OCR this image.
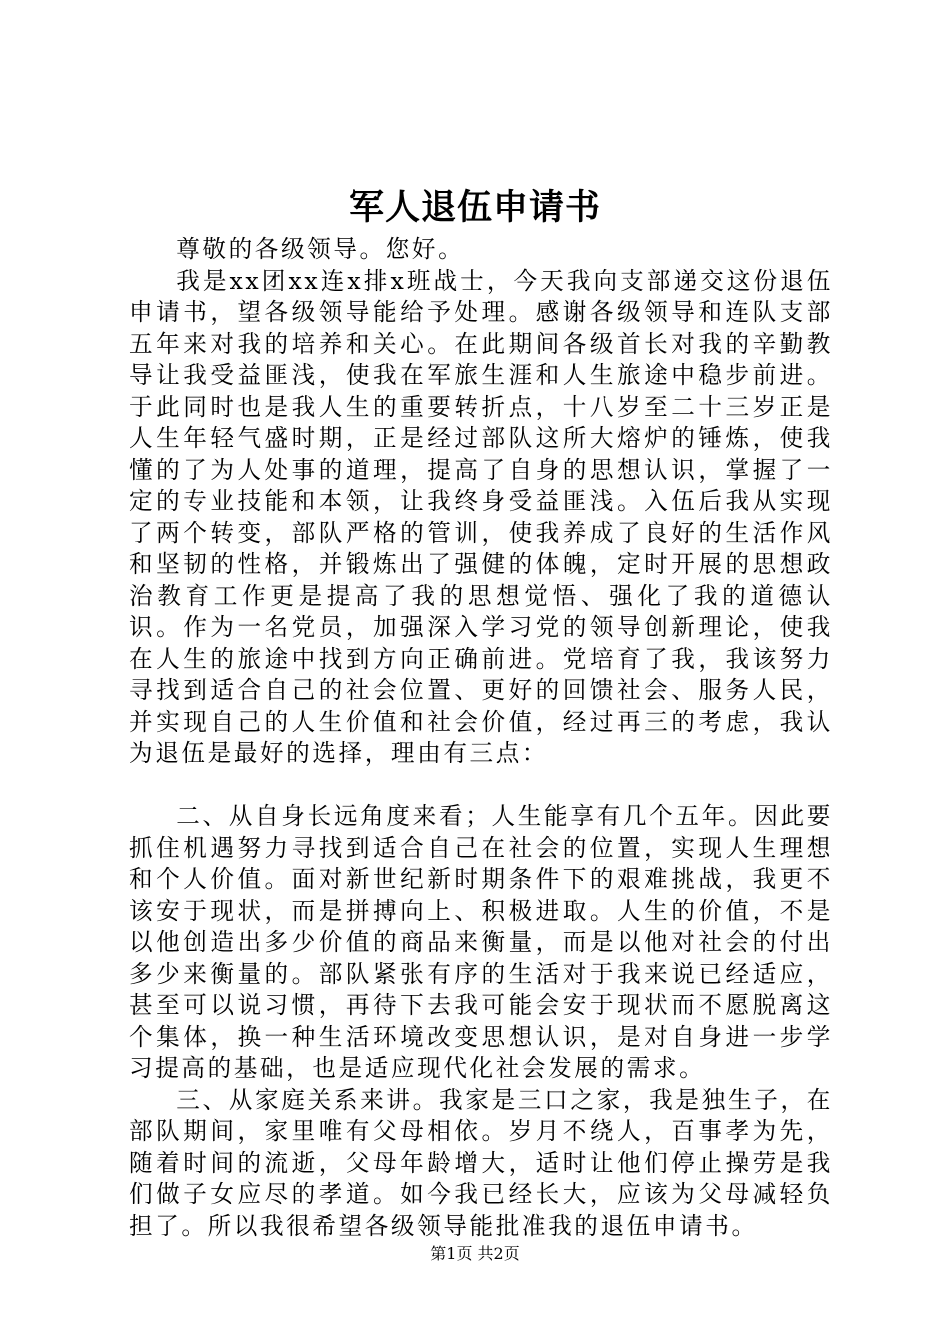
军人退伍申请书

尊敬的各级领导。您好。

我是xx团xx连x排x班战士，今天我向支部递交这份退伍申请书，望各级领导能给予处理。感谢各级领导和连队支部五年来对我的培养和关心。在此期间各级首长对我的辛勤教导让我受益匪浅，使我在军旅生涯和人生旅途中稳步前进。于此同时也是我人生的重要转折点，十八岁至二十三岁正是人生年轻气盛时期，正是经过部队这所大熔炉的锤炼，使我懂的了为人处事的道理，提高了自身的思想认识，掌握了一定的专业技能和本领，让我终身受益匪浅。入伍后我从实现了两个转变，部队严格的管训，使我养成了良好的生活作风和坚韧的性格，并锻炼出了强健的体魄，定时开展的思想政治教育工作更是提高了我的思想觉悟、强化了我的道德认识。作为一名党员，加强深入学习党的领导创新理论，使我在人生的旅途中找到方向正确前进。党培育了我，我该努力寻找到适合自己的社会位置、更好的回馈社会、服务人民，并实现自己的人生价值和社会价值，经过再三的考虑，我认为退伍是最好的选择，理由有三点：

二、从自身长远角度来看；人生能享有几个五年。因此要抓住机遇努力寻找到适合自己在社会的位置，实现人生理想和个人价值。面对新世纪新时期条件下的艰难挑战，我更不该安于现状，而是拼搏向上、积极进取。人生的价值，不是以他创造出多少价值的商品来衡量，而是以他对社会的付出多少来衡量的。部队紧张有序的生活对于我来说已经适应，甚至可以说习惯，再待下去我可能会安于现状而不愿脱离这个集体，换一种生活环境改变思想认识，是对自身进一步学习提高的基础，也是适应现代化社会发展的需求。

三、从家庭关系来讲。我家是三口之家，我是独生子，在部队期间，家里唯有父母相依。岁月不绕人，百事孝为先，随着时间的流逝，父母年龄增大，适时让他们停止操劳是我们做子女应尽的孝道。如今我已经长大，应该为父母减轻负担了。所以我很希望各级领导能批准我的退伍申请书。

第1页 共2页
